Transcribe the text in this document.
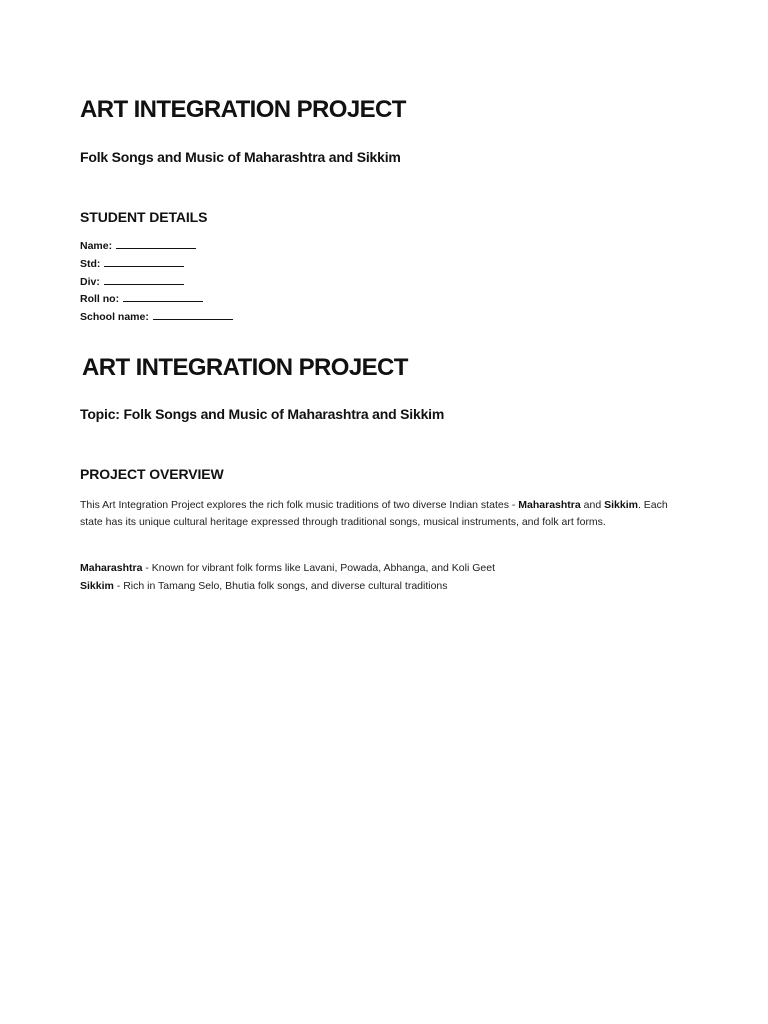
ART INTEGRATION PROJECT
Folk Songs and Music of Maharashtra and Sikkim
STUDENT DETAILS
Name:
Std:
Div:
Roll no:
School name:
ART INTEGRATION PROJECT
Topic: Folk Songs and Music of Maharashtra and Sikkim
PROJECT OVERVIEW
This Art Integration Project explores the rich folk music traditions of two diverse Indian states - Maharashtra and Sikkim. Each state has its unique cultural heritage expressed through traditional songs, musical instruments, and folk art forms.
Maharashtra - Known for vibrant folk forms like Lavani, Powada, Abhanga, and Koli Geet
Sikkim - Rich in Tamang Selo, Bhutia folk songs, and diverse cultural traditions
